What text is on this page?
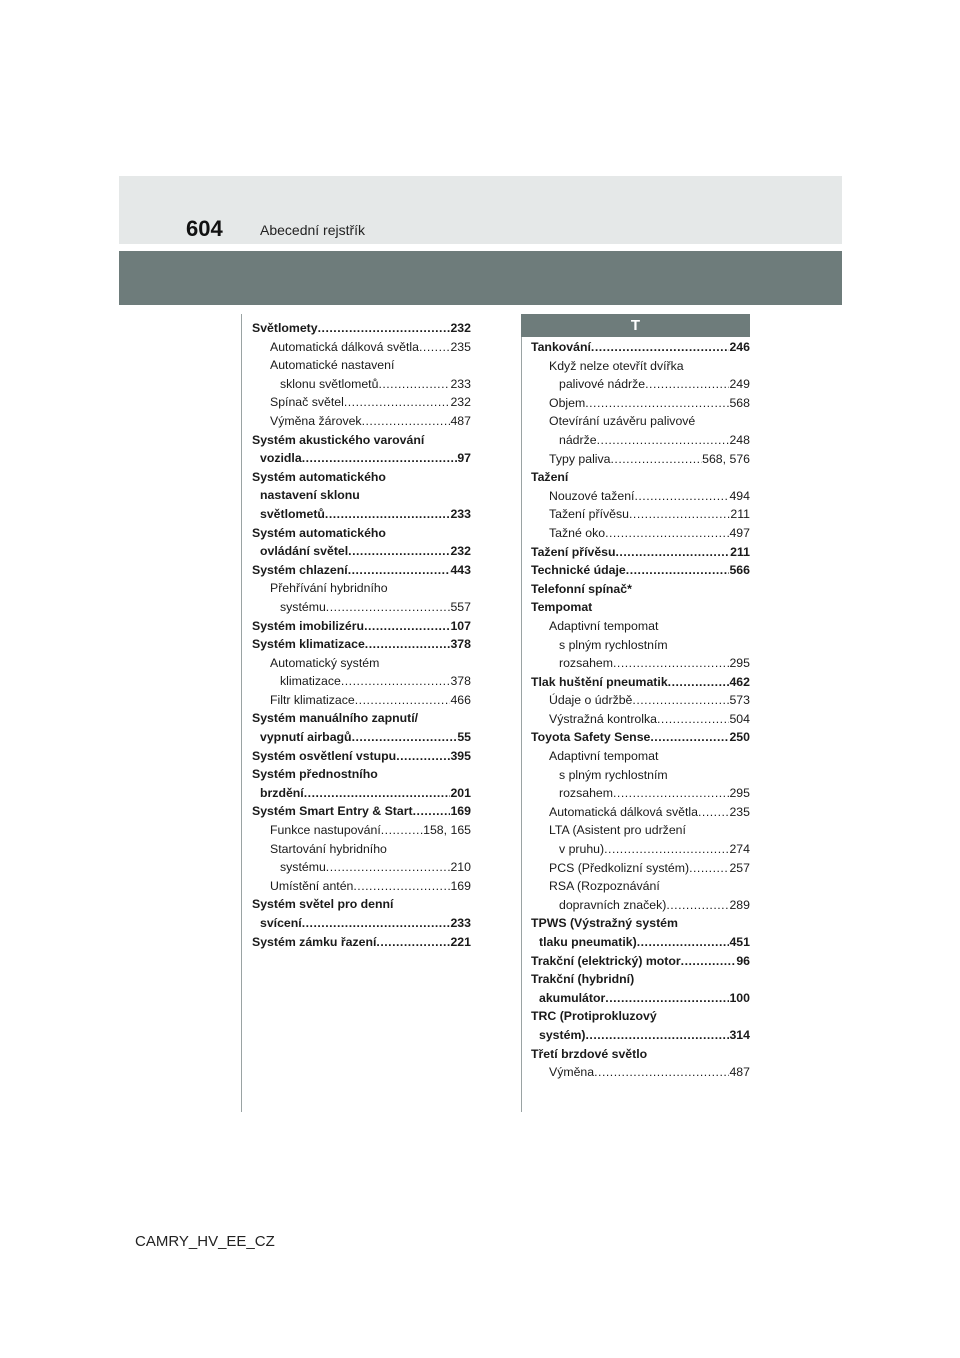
604	Abecední rejstřík
Světlomety .....	232
Automatická dálková světla .....	235
Automatické nastavení
sklonu světlometů .....	233
Spínač světel .....	232
Výměna žárovek .....	487
Systém akustického varování
vozidla .....	97
Systém automatického
nastavení sklonu
světlometů .....	233
Systém automatického
ovládání světel .....	232
Systém chlazení .....	443
Přehřívání hybridního
systému .....	557
Systém imobilizéru .....	107
Systém klimatizace .....	378
Automatický systém
klimatizace .....	378
Filtr klimatizace .....	466
Systém manuálního zapnutí/
vypnutí airbagů .....	55
Systém osvětlení vstupu .....	395
Systém přednostního
brzdění .....	201
Systém Smart Entry & Start .....	169
Funkce nastupování .....	158, 165
Startování hybridního
systému .....	210
Umístění antén .....	169
Systém světel pro denní
svícení .....	233
Systém zámku řazení .....	221
T
Tankování .....	246
Když nelze otevřít dvířka
palivové nádrže .....	249
Objem .....	568
Otevírání uzávěru palivové
nádrže .....	248
Typy paliva .....	568, 576
Tažení
Nouzové tažení .....	494
Tažení přívěsu .....	211
Tažné oko .....	497
Tažení přívěsu .....	211
Technické údaje .....	566
Telefonní spínač*
Tempomat
Adaptivní tempomat
s plným rychlostním
rozsahem .....	295
Tlak huštění pneumatik .....	462
Údaje o údržbě .....	573
Výstražná kontrolka .....	504
Toyota Safety Sense .....	250
Adaptivní tempomat
s plným rychlostním
rozsahem .....	295
Automatická dálková světla .....	235
LTA (Asistent pro udržení
v pruhu) .....	274
PCS (Předkolizní systém) .....	257
RSA (Rozpoznávání
dopravních značek) .....	289
TPWS (Výstražný systém
tlaku pneumatik) .....	451
Trakční (elektrický) motor .....	96
Trakční (hybridní)
akumulátor .....	100
TRC (Protiprokluzový
systém) .....	314
Třetí brzdové světlo
Výměna .....	487
CAMRY_HV_EE_CZ
